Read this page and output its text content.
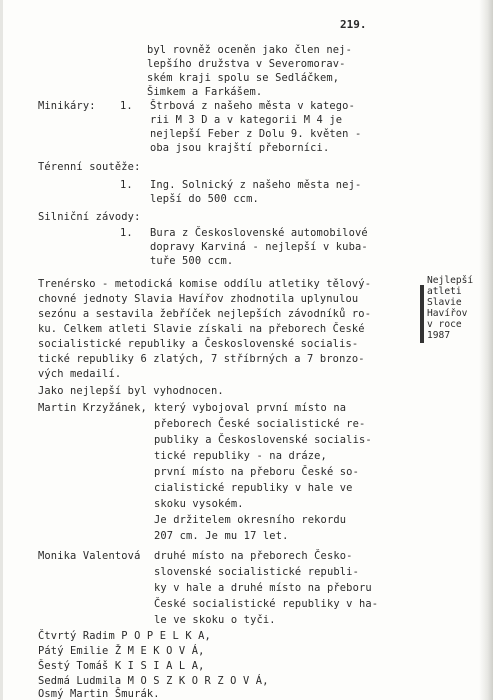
219.
byl rovněž oceněn jako člen nej-
lepšího družstva v Severomorav-
ském kraji spolu se Sedláčkem,
Šimkem a Farkášem.
Minikáry: 1. Štrbová z našeho města v katego-
rii M 3 D a v kategorii M 4 je
nejlepší Feber z Dolu 9. květen -
oba jsou krajští přeborníci.
Térenní soutěže:
1. Ing. Solnický z našeho města nej-
lepší do 500 ccm.
Silniční závody:
1. Bura z Československé automobilové
dopravy Karviná - nejlepší v kuba-
tuře 500 ccm.
Nejlepší
atleti
Slavie
Havířov
v roce
1987
Trenérsko - metodická komise oddílu atletiky tělový-
chovné jednoty Slavia Havířov zhodnotila uplynulou
sezónu a sestavila žebříček nejlepších závodníků ro-
ku. Celkem atleti Slavie získali na přeborech České
socialistické republiky a Československé socialis-
tické republiky 6 zlatých, 7 stříbrných a 7 bronzo-
vých medailí.
Jako nejlepší byl vyhodnocen.
Martin Krzyžánek, který vybojoval první místo na
přeborech České socialistické re-
publiky a Československé socialis-
tické republiky - na dráze,
první místo na přeboru České so-
cialistické republiky v hale ve
skoku vysokém.
Je držitelem okresního rekordu
207 cm. Je mu 17 let.
Monika Valentová druhé místo na přeborech Česko-
slovenské socialistické republi-
ky v hale a druhé místo na přeboru
České socialistické republiky v ha-
le ve skoku o tyči.
Čtvrtý Radim P O P E L K A,
Pátý Emilie Ž M E K O V Á,
Šestý Tomáš K I S I A L A,
Sedmá Ludmila M O S Z K O R Z O V Á,
Osmý Martin Šmurák.
